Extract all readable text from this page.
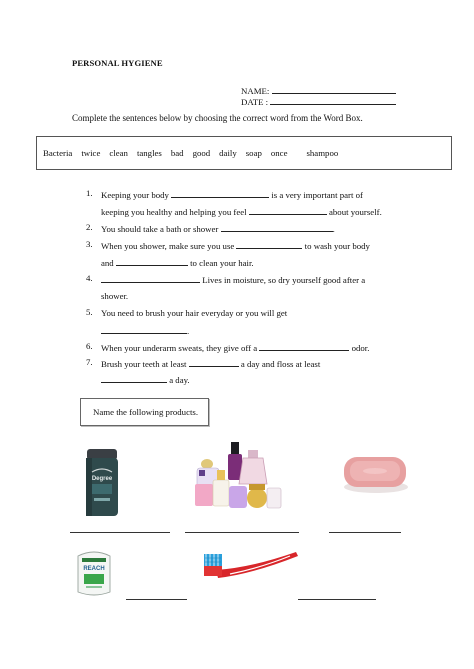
PERSONAL HYGIENE
NAME:
DATE :
Complete the sentences below by choosing the correct word from the Word Box.
Bacteria twice clean tangles bad good daily soap once shampoo
1. Keeping your body	is a very important part of
keeping you healthy and helping you feel	about yourself.
2. You should take a bath or shower	.
3. When you shower, make sure you use	to wash your body
and	to clean your hair.
4.	Lives in moisture, so dry yourself good after a
shower.
5. You need to brush your hair everyday or you will get
.
6. When your underarm sweats, they give off a	odor.
7. Brush your teeth at least	a day and floss at least
a day.
Name the following products.
Degree
REACH
